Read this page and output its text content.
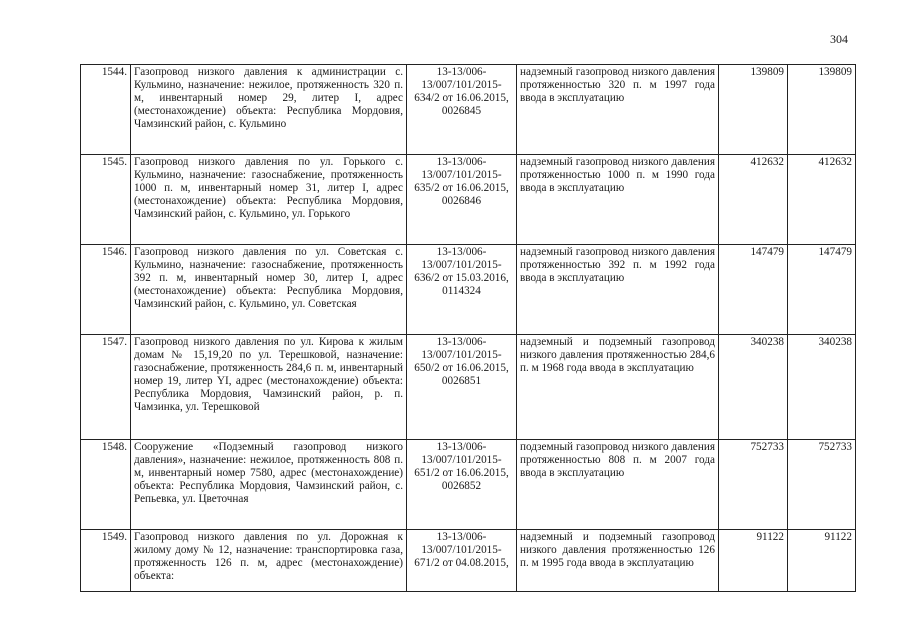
304
1544.	Газопровод низкого давления к администрации с. Кульмино, назначение: нежилое, протяженность 320 п. м, инвентарный номер 29, литер I, адрес (местонахождение) объекта: Республика Мордовия, Чамзинский район, с. Кульмино	13-13/006-13/007/101/2015-634/2 от 16.06.2015, 0026845	надземный газопровод низкого давления протяженностью 320 п. м 1997 года ввода в эксплуатацию	139809	139809
1545.	Газопровод низкого давления по ул. Горького с. Кульмино, назначение: газоснабжение, протяженность 1000 п. м, инвентарный номер 31, литер I, адрес (местонахождение) объекта: Республика Мордовия, Чамзинский район, с. Кульмино, ул. Горького	13-13/006-13/007/101/2015-635/2 от 16.06.2015, 0026846	надземный газопровод низкого давления протяженностью 1000 п. м 1990 года ввода в эксплуатацию	412632	412632
1546.	Газопровод низкого давления по ул. Советская с. Кульмино, назначение: газоснабжение, протяженность 392 п. м, инвентарный номер 30, литер I, адрес (местонахождение) объекта: Республика Мордовия, Чамзинский район, с. Кульмино, ул. Советская	13-13/006-13/007/101/2015-636/2 от 15.03.2016, 0114324	надземный газопровод низкого давления протяженностью 392 п. м 1992 года ввода в эксплуатацию	147479	147479
1547.	Газопровод низкого давления по ул. Кирова к жилым домам № 15,19,20 по ул. Терешковой, назначение: газоснабжение, протяженность 284,6 п. м, инвентарный номер 19, литер YI, адрес (местонахождение) объекта: Республика Мордовия, Чамзинский район, р. п. Чамзинка, ул. Терешковой	13-13/006-13/007/101/2015-650/2 от 16.06.2015, 0026851	надземный и подземный газопровод низкого давления протяженностью 284,6 п. м 1968 года ввода в эксплуатацию	340238	340238
1548.	Сооружение «Подземный газопровод низкого давления», назначение: нежилое, протяженность 808 п. м, инвентарный номер 7580, адрес (местонахождение) объекта: Республика Мордовия, Чамзинский район, с. Репьевка, ул. Цветочная	13-13/006-13/007/101/2015-651/2 от 16.06.2015, 0026852	подземный газопровод низкого давления протяженностью 808 п. м 2007 года ввода в эксплуатацию	752733	752733
1549.	Газопровод низкого давления по ул. Дорожная к жилому дому № 12, назначение: транспортировка газа, протяженность 126 п. м, адрес (местонахождение) объекта:	13-13/006-13/007/101/2015-671/2 от 04.08.2015,	надземный и подземный газопровод низкого давления протяженностью 126 п. м 1995 года ввода в эксплуатацию	91122	91122
